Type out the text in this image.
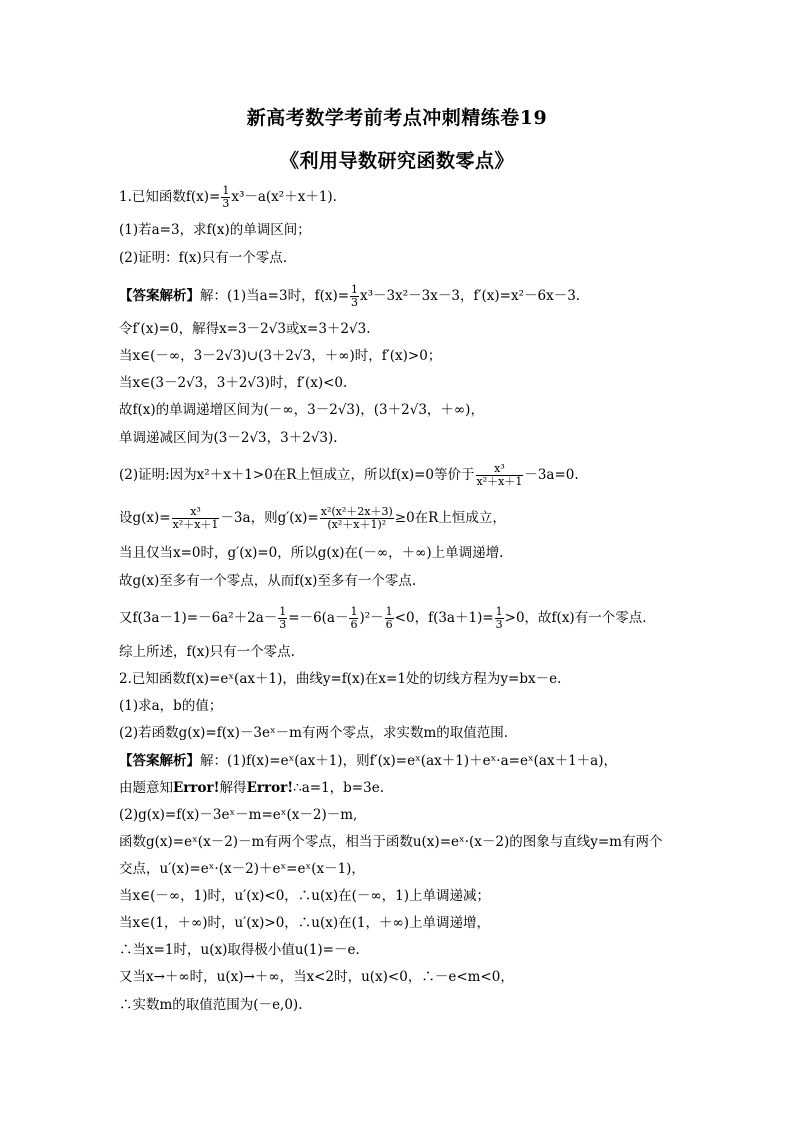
新高考数学考前考点冲刺精练卷19
《利用导数研究函数零点》
1.已知函数$f(x)= \frac{1}{3} x^3-a(x^2+x+1)$.
(1)若a=3，求f(x)的单调区间；
(2)证明：f(x)只有一个零点.
【答案解析】解：(1)当a=3时，$f(x)= \frac{1}{3} x^3-3x^2-3x-3$，f′(x)=x²－6x－3.
令f′(x)=0，解得x=3－2√3或x=3＋2√3.
当x∈(－∞，3－2√3)∪(3＋2√3，＋∞)时，f′(x)>0；
当x∈(3－2√3，3＋2√3)时，f′(x)<0.
故f(x)的单调递增区间为(－∞，3－2√3)，(3＋2√3，＋∞)，
单调递减区间为(3－2√3，3＋2√3).
(2)证明:因为x²＋x＋1>0在R上恒成立，所以f(x)=0等价于 $\frac{\text{x³}}{\text{x²＋x＋1}} -3a=0$.
设$g(x)= \frac{\text{x³}}{\text{x²＋x＋1}} -3a$，则$g'(x)= \frac{\text{x²(x²＋2x＋3)}}{\text{(x²＋x＋1)²}} \ge 0$在R上恒成立，
当且仅当x=0时，g′(x)=0，所以g(x)在(－∞，＋∞)上单调递增.
故g(x)至多有一个零点，从而f(x)至多有一个零点.
又$f(3a-1)=-6a^2+2a- \frac{1}{3} =-6(a- \frac{1}{6} )^2- \frac{1}{6} <0$，$f(3a+1)= \frac{1}{3} >0$，故f(x)有一个零点.
综上所述，f(x)只有一个零点.
2.已知函数f(x)=eˣ(ax＋1)，曲线y=f(x)在x=1处的切线方程为y=bx－e.
(1)求a，b的值；
(2)若函数g(x)=f(x)－3eˣ－m有两个零点，求实数m的取值范围.
【答案解析】解：(1)f(x)=eˣ(ax＋1)，则f′(x)=eˣ(ax＋1)＋eˣ·a=eˣ(ax＋1＋a)，
由题意知Error!解得Error!∴a=1，b=3e.
(2)g(x)=f(x)－3eˣ－m=eˣ(x－2)－m,
函数g(x)=eˣ(x－2)－m有两个零点，相当于函数u(x)=eˣ·(x－2)的图象与直线y=m有两个
交点，u′(x)=eˣ·(x－2)＋eˣ=eˣ(x－1)，
当x∈(－∞，1)时，u′(x)<0，∴u(x)在(－∞，1)上单调递减；
当x∈(1，＋∞)时，u′(x)>0，∴u(x)在(1，＋∞)上单调递增，
∴当x=1时，u(x)取得极小值u(1)=－e.
又当x→＋∞时，u(x)→＋∞，当x<2时，u(x)<0，∴－e<m<0，
∴实数m的取值范围为(－e,0).
